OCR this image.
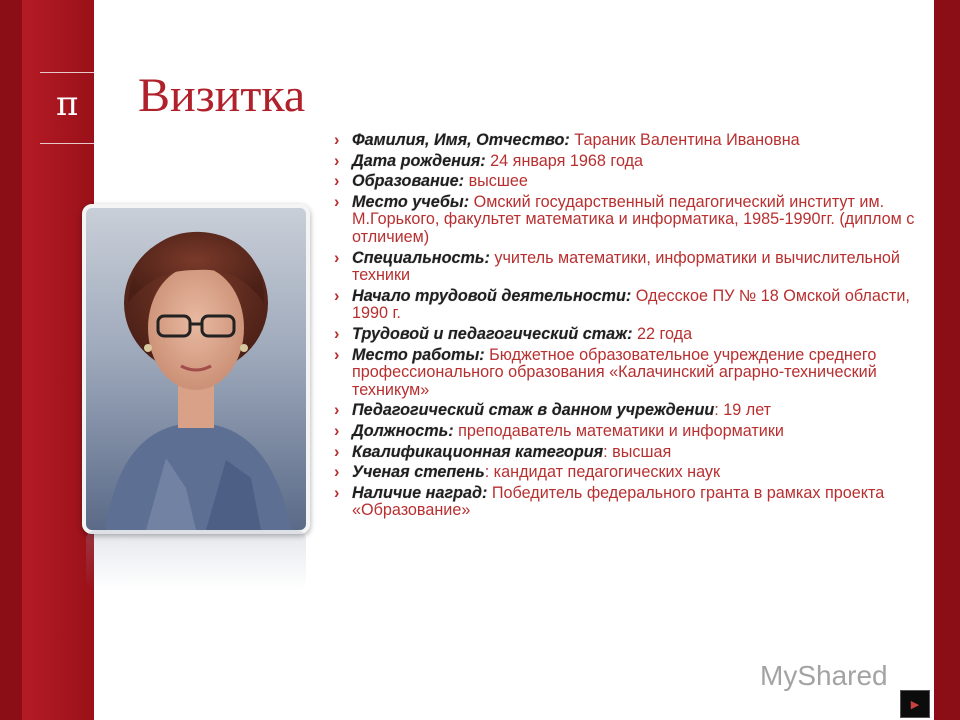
π Визитка
› Фамилия, Имя, Отчество: Тараник Валентина Ивановна
› Дата рождения: 24 января 1968 года
› Образование: высшее
› Место учебы: Омский государственный педагогический институт им. М.Горького, факультет математика и информатика, 1985-1990гг. (диплом с отличием)
› Специальность: учитель математики, информатики и вычислительной техники
› Начало трудовой деятельности: Одесское ПУ № 18 Омской области, 1990 г.
› Трудовой и педагогический стаж: 22 года
› Место работы: Бюджетное образовательное учреждение среднего профессионального образования «Калачинский аграрно-технический техникум»
› Педагогический стаж в данном учреждении: 19 лет
› Должность: преподаватель математики и информатики
› Квалификационная категория: высшая
› Ученая степень: кандидат педагогических наук
› Наличие наград: Победитель федерального гранта в рамках проекта «Образование»
MyShared
▶
